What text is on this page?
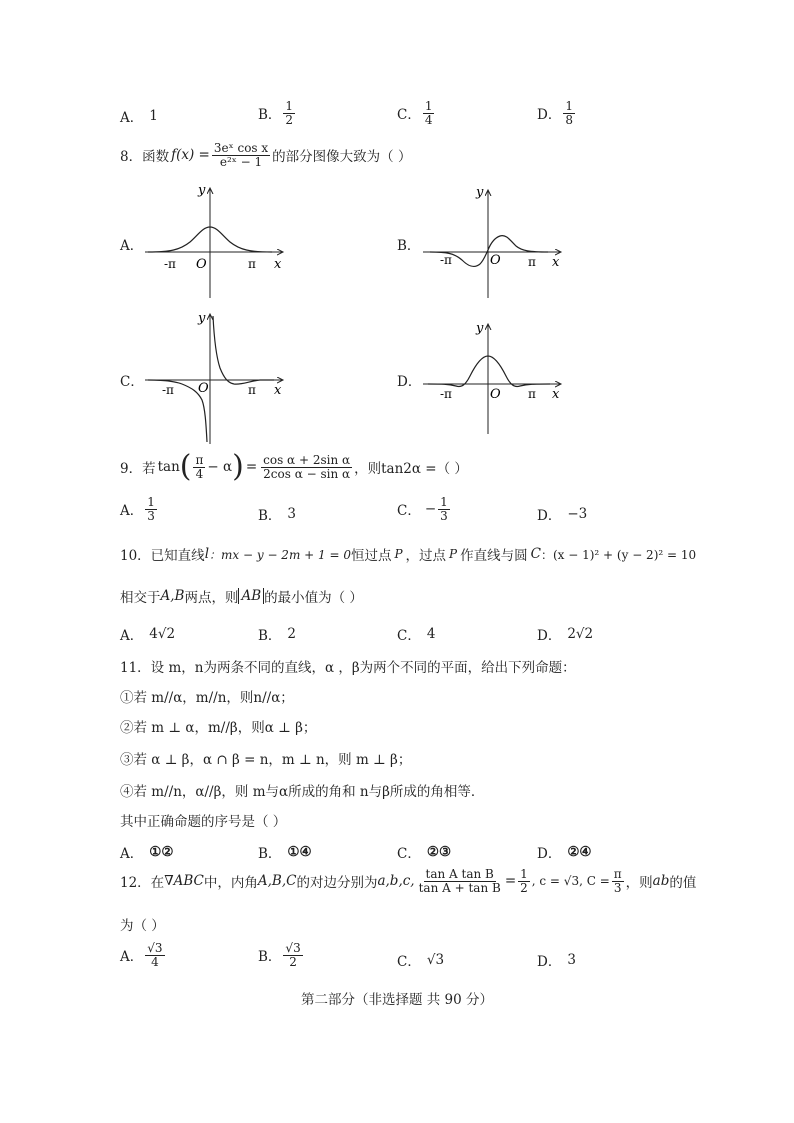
A． 1	B． $\frac{1}{2}$	C． $\frac{1}{4}$	D． $\frac{1}{8}$
8．函数 $f(x) = \frac{\text{3eˣ cos x}}{\text{e²ˣ − 1}}$ 的部分图像大致为（ ）
A．	B．
C．	D．
y
x
O
-π	π
y
x
O
-π	π
y
x
O
-π	π
y
x
O
-π	π
9．若 tan ( $\frac{\pi}{4} - \alpha$ ) = $\frac{\text{cos α + 2sin α}}{\text{2cos α − sin α}}$ ，则tan2α =（ ）
A． $\frac{1}{3}$	B． 3	C． − $\frac{1}{3}$	D． −3
10．已知直线 l ：mx − y − 2m + 1 = 0 恒过点 P ，过点 P 作直线与圆 C ：(x − 1)² + (y − 2)² = 10
相交于 A,B 两点，则 AB 的最小值为（ ）
A． 4√2	B． 2	C． 4	D． 2√2
11．设 m，n为两条不同的直线，α ，β为两个不同的平面，给出下列命题：
①若 m//α，m//n，则n//α；
②若 m ⊥ α，m//β，则α ⊥ β；
③若 α ⊥ β，α ∩ β = n，m ⊥ n，则 m ⊥ β；
④若 m//n，α//β，则 m与α所成的角和 n与β所成的角相等．
其中正确命题的序号是（ ）
A． ①②	B． ①④	C． ②③	D． ②④
12．在 ∇ABC 中，内角 A,B,C 的对边分别为 a,b,c, $\frac{\text{tan A tan B}}{\text{tan A + tan B}} = \frac{1}{2}$ , c = √3, $C = \frac{\pi}{3}$ ，则 ab 的值
为（ ）
A． $\frac{√3}{4}$	B． $\frac{√3}{2}$	C． √3	D． 3
第二部分（非选择题 共 90 分）
